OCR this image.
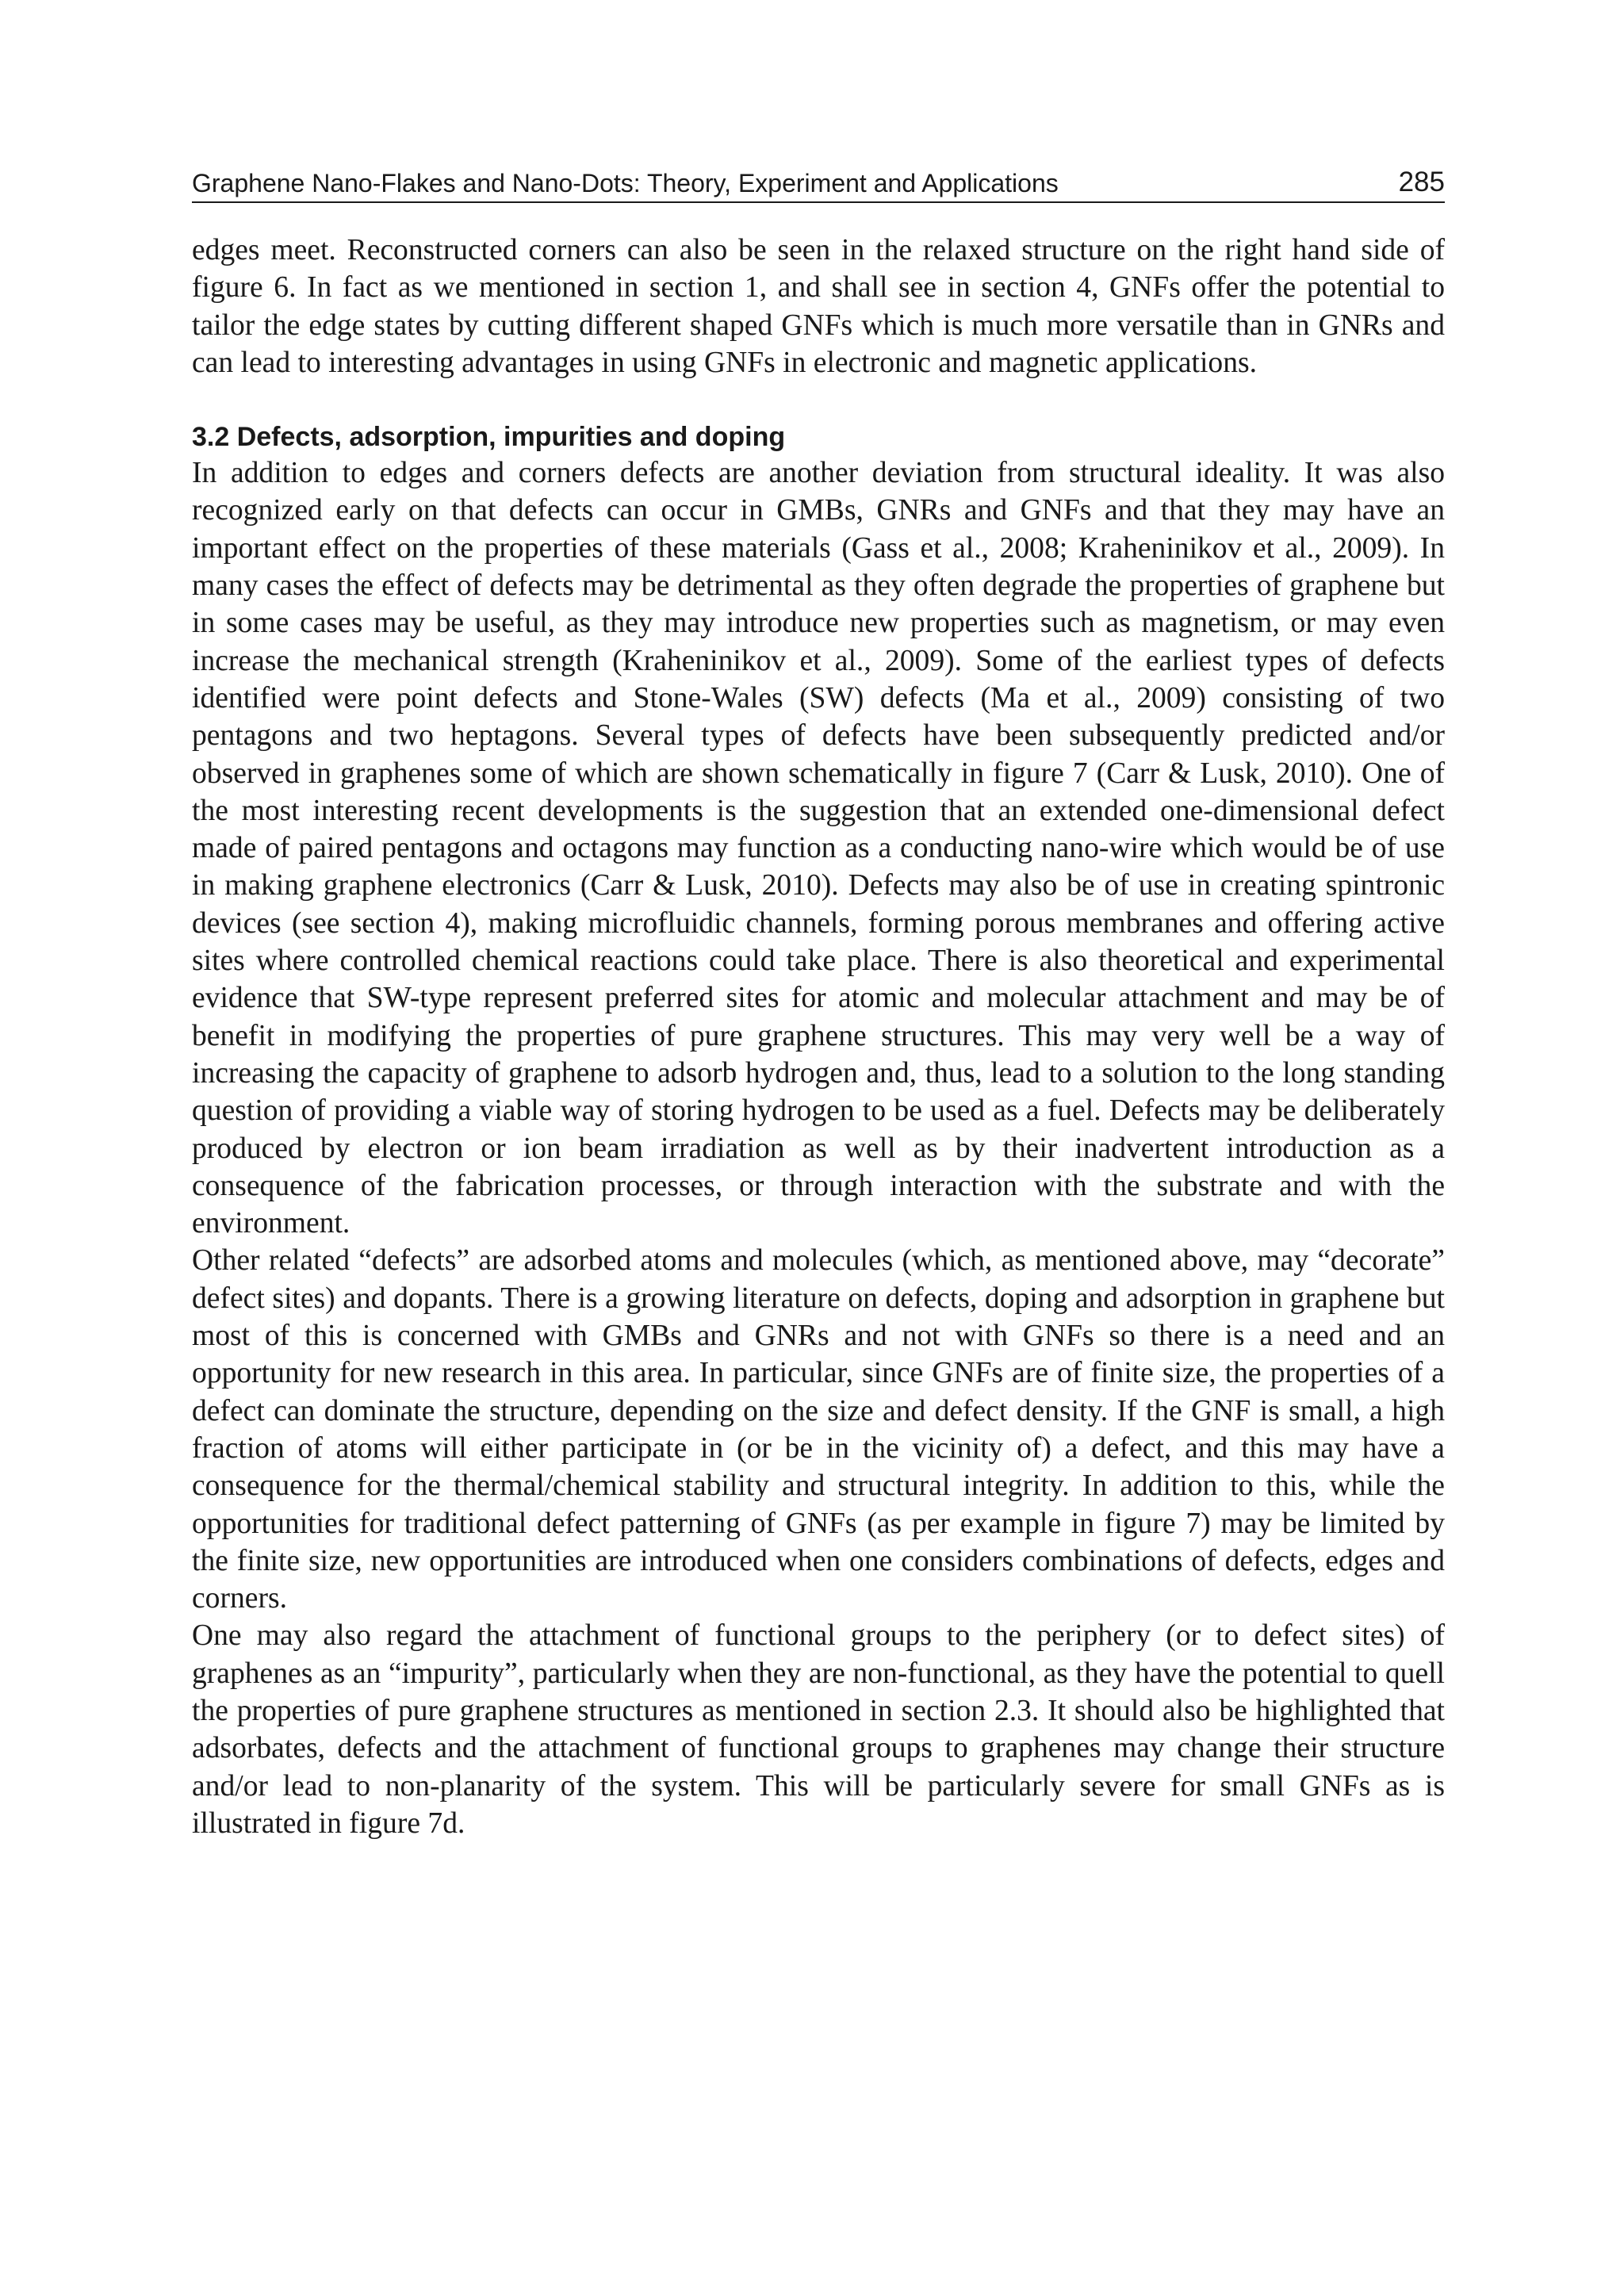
Graphene Nano-Flakes and Nano-Dots: Theory, Experiment and Applications	285

edges meet. Reconstructed corners can also be seen in the relaxed structure on the right hand side of figure 6. In fact as we mentioned in section 1, and shall see in section 4, GNFs offer the potential to tailor the edge states by cutting different shaped GNFs which is much more versatile than in GNRs and can lead to interesting advantages in using GNFs in electronic and magnetic applications.

3.2 Defects, adsorption, impurities and doping

In addition to edges and corners defects are another deviation from structural ideality. It was also recognized early on that defects can occur in GMBs, GNRs and GNFs and that they may have an important effect on the properties of these materials (Gass et al., 2008; Kraheninikov et al., 2009). In many cases the effect of defects may be detrimental as they often degrade the properties of graphene but in some cases may be useful, as they may introduce new properties such as magnetism, or may even increase the mechanical strength (Kraheninikov et al., 2009). Some of the earliest types of defects identified were point defects and Stone-Wales (SW) defects (Ma et al., 2009) consisting of two pentagons and two heptagons. Several types of defects have been subsequently predicted and/or observed in graphenes some of which are shown schematically in figure 7 (Carr & Lusk, 2010). One of the most interesting recent developments is the suggestion that an extended one-dimensional defect made of paired pentagons and octagons may function as a conducting nano-wire which would be of use in making graphene electronics (Carr & Lusk, 2010). Defects may also be of use in creating spintronic devices (see section 4), making microfluidic channels, forming porous membranes and offering active sites where controlled chemical reactions could take place. There is also theoretical and experimental evidence that SW-type represent preferred sites for atomic and molecular attachment and may be of benefit in modifying the properties of pure graphene structures. This may very well be a way of increasing the capacity of graphene to adsorb hydrogen and, thus, lead to a solution to the long standing question of providing a viable way of storing hydrogen to be used as a fuel. Defects may be deliberately produced by electron or ion beam irradiation as well as by their inadvertent introduction as a consequence of the fabrication processes, or through interaction with the substrate and with the environment.

Other related “defects” are adsorbed atoms and molecules (which, as mentioned above, may “decorate” defect sites) and dopants. There is a growing literature on defects, doping and adsorption in graphene but most of this is concerned with GMBs and GNRs and not with GNFs so there is a need and an opportunity for new research in this area. In particular, since GNFs are of finite size, the properties of a defect can dominate the structure, depending on the size and defect density. If the GNF is small, a high fraction of atoms will either participate in (or be in the vicinity of) a defect, and this may have a consequence for the thermal/chemical stability and structural integrity. In addition to this, while the opportunities for traditional defect patterning of GNFs (as per example in figure 7) may be limited by the finite size, new opportunities are introduced when one considers combinations of defects, edges and corners.

One may also regard the attachment of functional groups to the periphery (or to defect sites) of graphenes as an “impurity”, particularly when they are non-functional, as they have the potential to quell the properties of pure graphene structures as mentioned in section 2.3. It should also be highlighted that adsorbates, defects and the attachment of functional groups to graphenes may change their structure and/or lead to non-planarity of the system. This will be particularly severe for small GNFs as is illustrated in figure 7d.
